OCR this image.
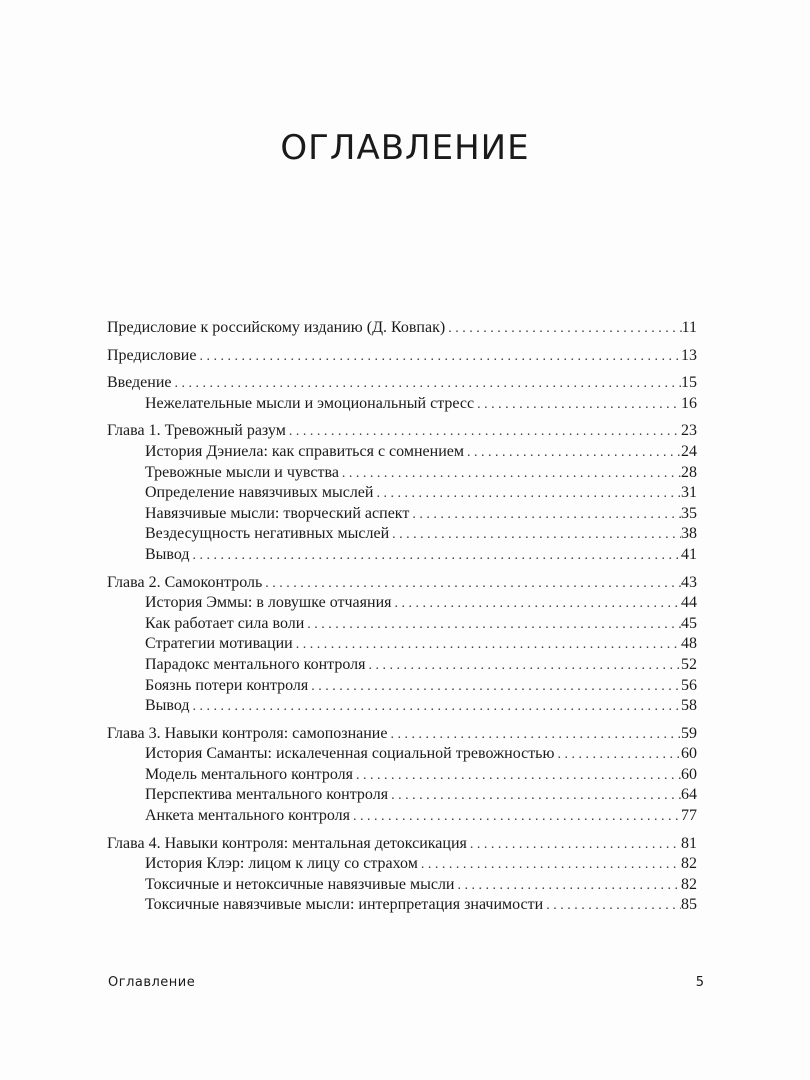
ОГЛАВЛЕНИЕ
Предисловие к российскому изданию (Д. Ковпак) . . .	11
Предисловие . . .	13
Введение . . .	15
Нежелательные мысли и эмоциональный стресс . . .	16
Глава 1. Тревожный разум . . .	23
История Дэниела: как справиться с сомнением . . .	24
Тревожные мысли и чувства . . .	28
Определение навязчивых мыслей . . .	31
Навязчивые мысли: творческий аспект . . .	35
Вездесущность негативных мыслей . . .	38
Вывод . . .	41
Глава 2. Самоконтроль . . .	43
История Эммы: в ловушке отчаяния . . .	44
Как работает сила воли . . .	45
Стратегии мотивации . . .	48
Парадокс ментального контроля . . .	52
Боязнь потери контроля . . .	56
Вывод . . .	58
Глава 3. Навыки контроля: самопознание . . .	59
История Саманты: искалеченная социальной тревожностью . . .	60
Модель ментального контроля . . .	60
Перспектива ментального контроля . . .	64
Анкета ментального контроля . . .	77
Глава 4. Навыки контроля: ментальная детоксикация . . .	81
История Клэр: лицом к лицу со страхом . . .	82
Токсичные и нетоксичные навязчивые мысли . . .	82
Токсичные навязчивые мысли: интерпретация значимости . . .	85
Оглавление	5
